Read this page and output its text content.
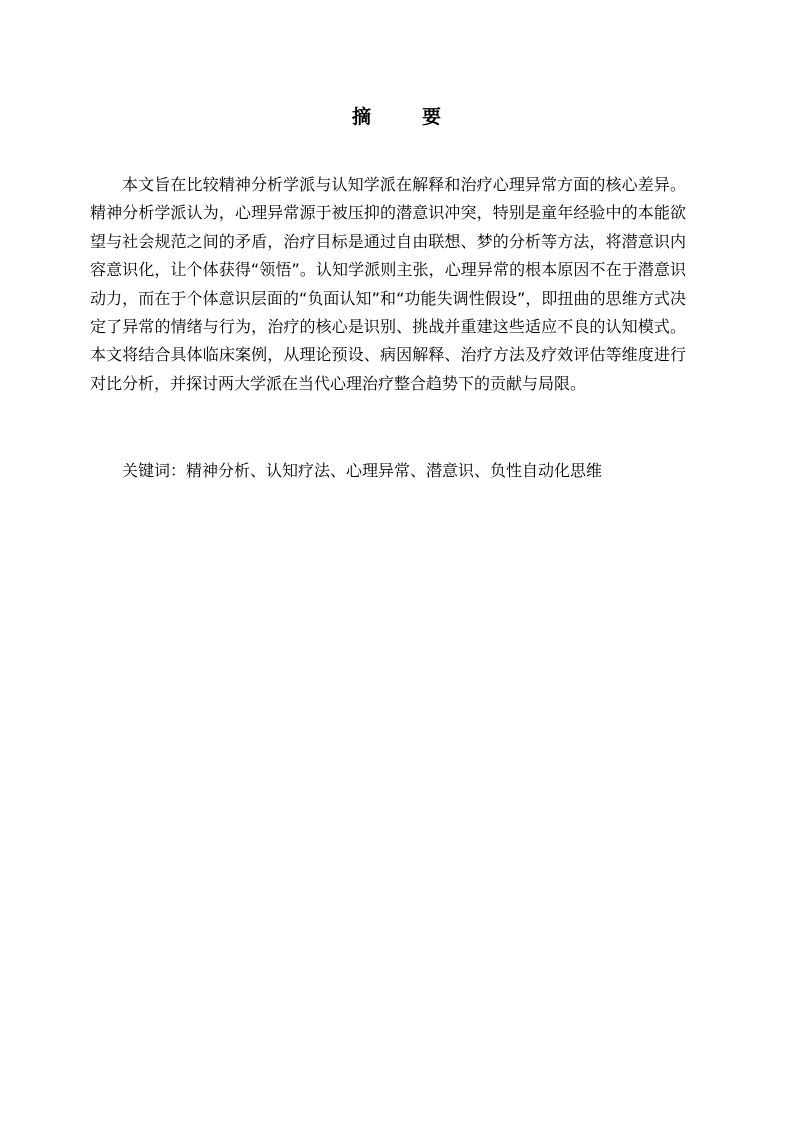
摘　要

本文旨在比较精神分析学派与认知学派在解释和治疗心理异常方面的核心差异。精神分析学派认为，心理异常源于被压抑的潜意识冲突，特别是童年经验中的本能欲望与社会规范之间的矛盾，治疗目标是通过自由联想、梦的分析等方法，将潜意识内容意识化，让个体获得“领悟”。认知学派则主张，心理异常的根本原因不在于潜意识动力，而在于个体意识层面的“负面认知”和“功能失调性假设”，即扭曲的思维方式决定了异常的情绪与行为，治疗的核心是识别、挑战并重建这些适应不良的认知模式。本文将结合具体临床案例，从理论预设、病因解释、治疗方法及疗效评估等维度进行对比分析，并探讨两大学派在当代心理治疗整合趋势下的贡献与局限。

关键词：精神分析、认知疗法、心理异常、潜意识、负性自动化思维
